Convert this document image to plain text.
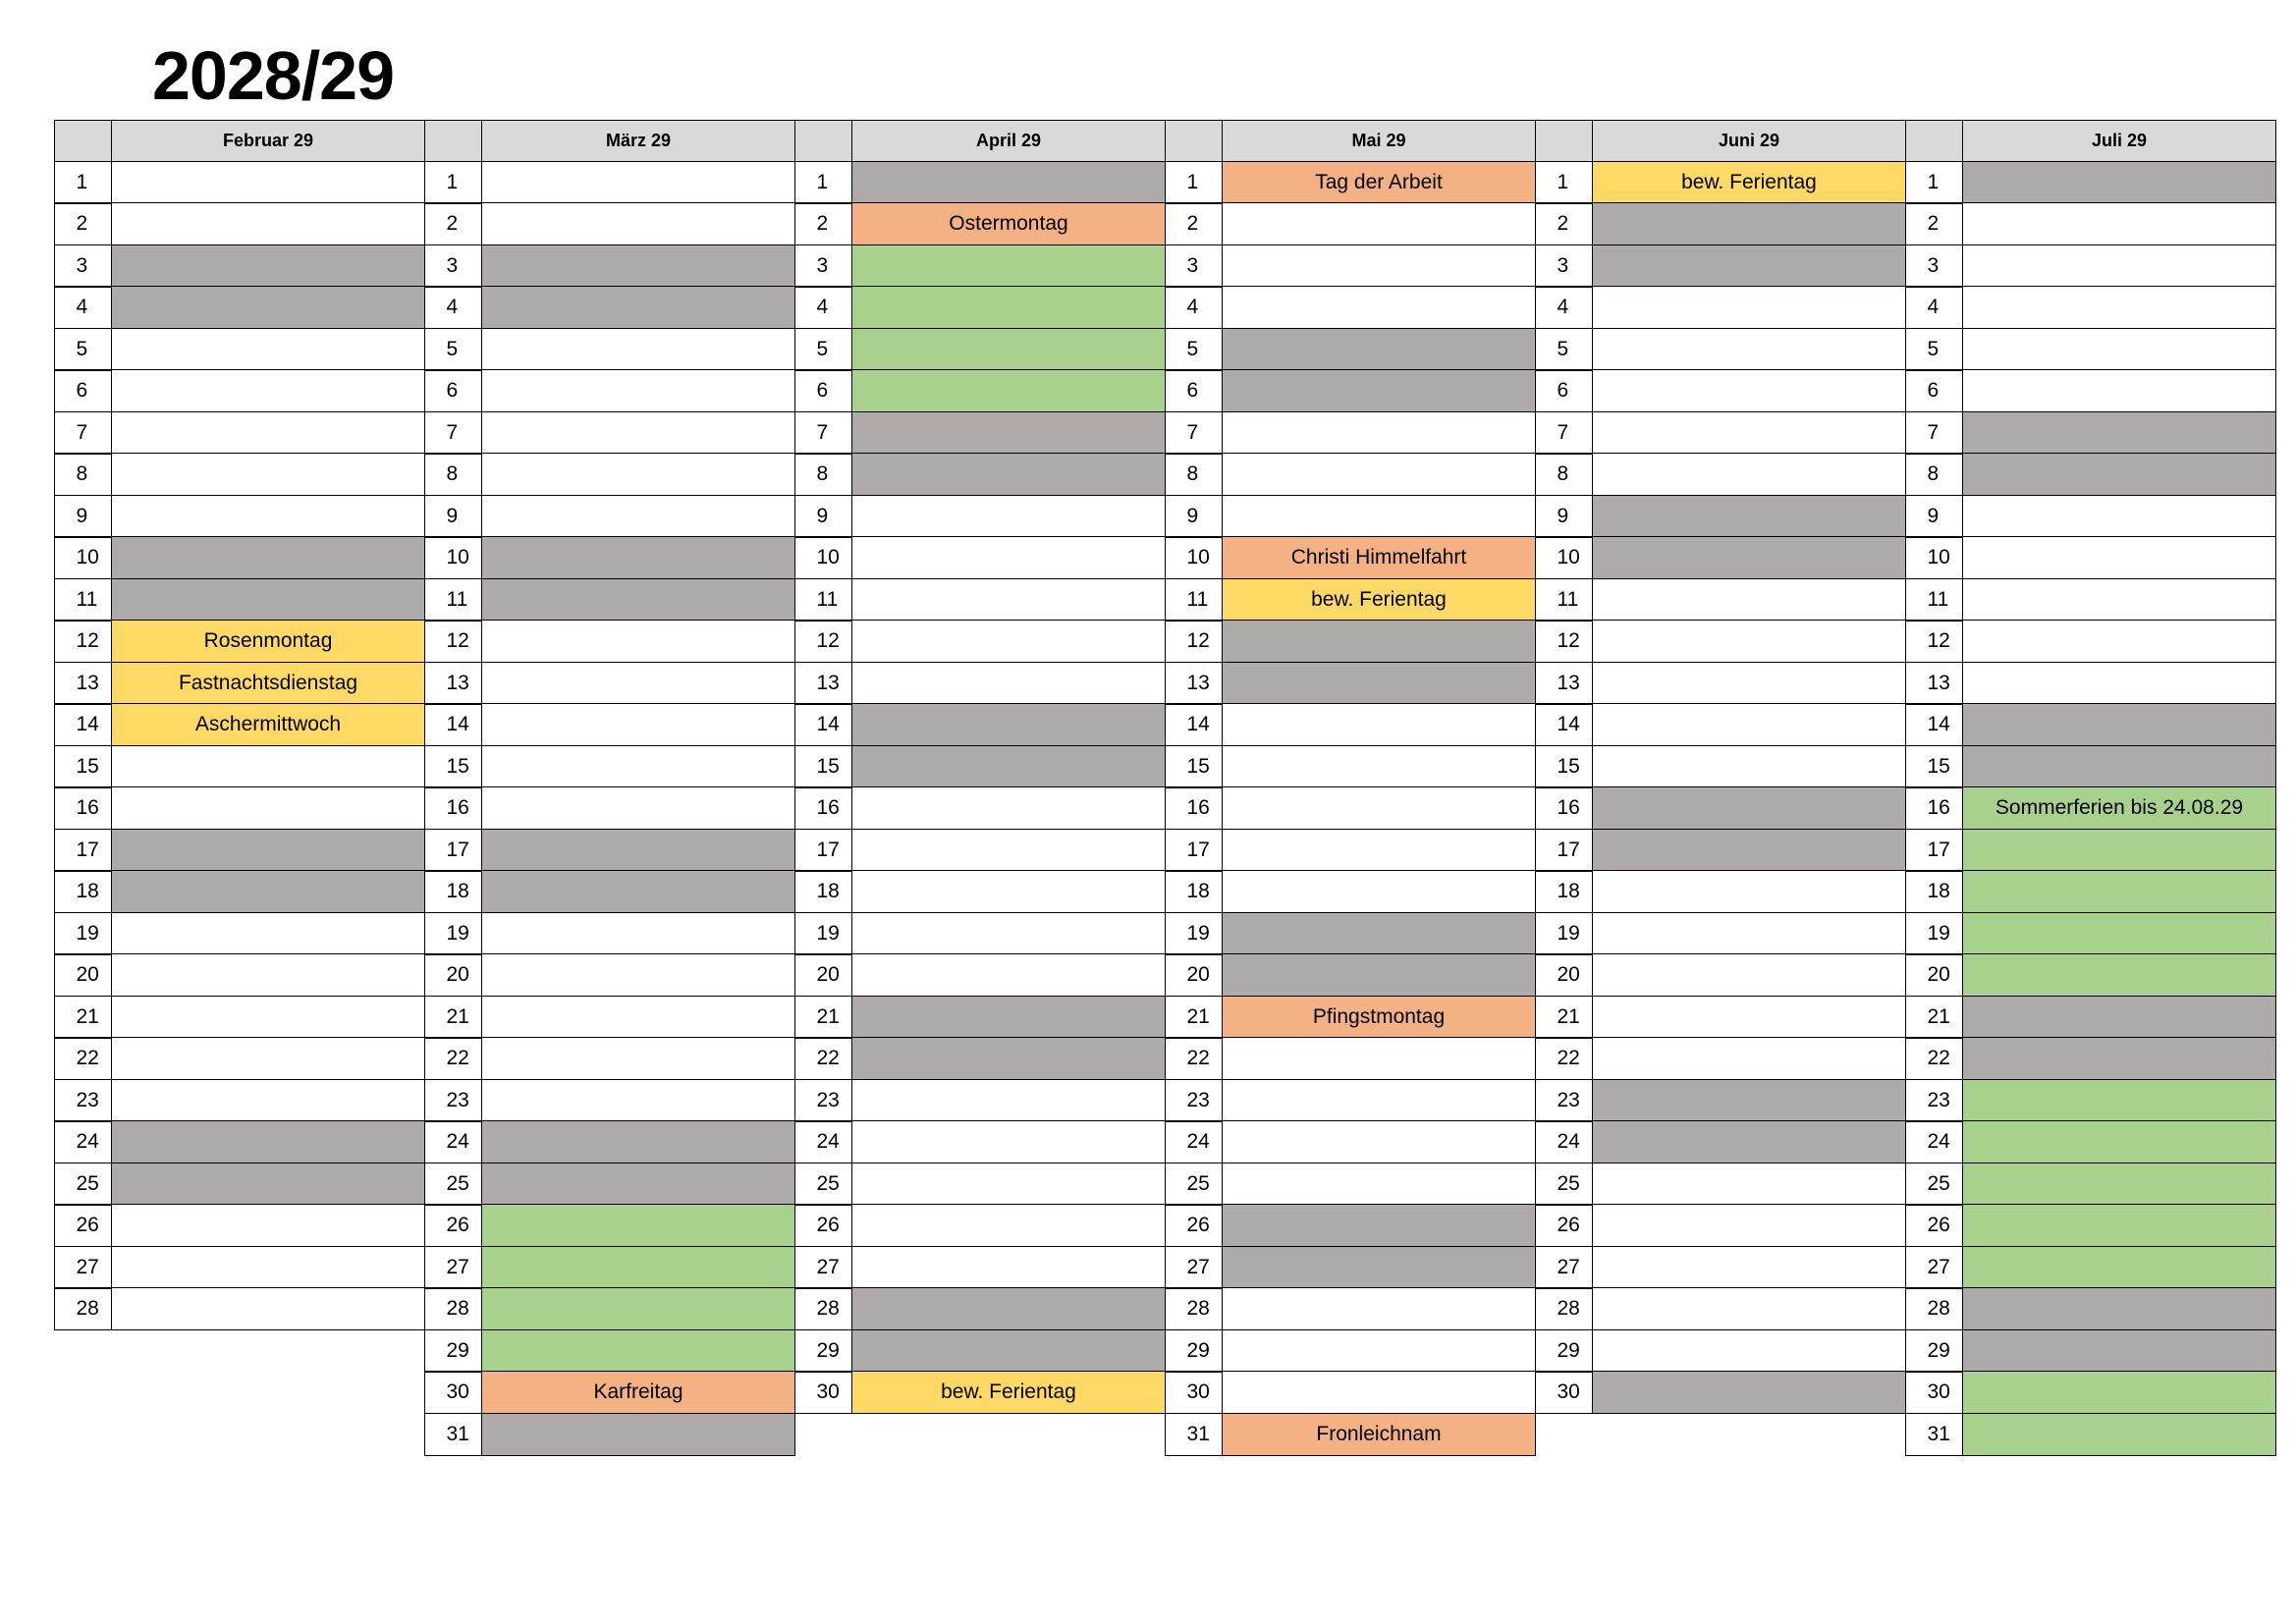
2028/29
Februar 29
1
2
3
4
5
6
7
8
9
10
11
12	Rosenmontag
13	Fastnachtsdienstag
14	Aschermittwoch
15
16
17
18
19
20
21
22
23
24
25
26
27
28
März 29
1
2
3
4
5
6
7
8
9
10
11
12
13
14
15
16
17
18
19
20
21
22
23
24
25
26
27
28
29
30	Karfreitag
31
April 29
1
2	Ostermontag
3
4
5
6
7
8
9
10
11
12
13
14
15
16
17
18
19
20
21
22
23
24
25
26
27
28
29
30	bew. Ferientag
Mai 29
1	Tag der Arbeit
2
3
4
5
6
7
8
9
10	Christi Himmelfahrt
11	bew. Ferientag
12
13
14
15
16
17
18
19
20
21	Pfingstmontag
22
23
24
25
26
27
28
29
30
31	Fronleichnam
Juni 29
1	bew. Ferientag
2
3
4
5
6
7
8
9
10
11
12
13
14
15
16
17
18
19
20
21
22
23
24
25
26
27
28
29
30
Juli 29
1
2
3
4
5
6
7
8
9
10
11
12
13
14
15
16	Sommerferien bis 24.08.29
17
18
19
20
21
22
23
24
25
26
27
28
29
30
31
